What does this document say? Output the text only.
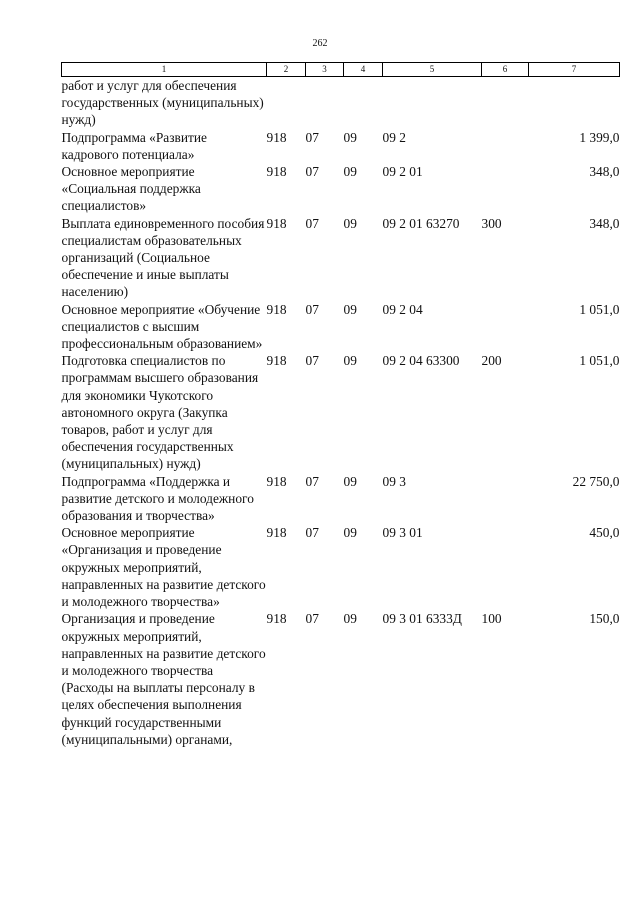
262
1	2	3	4	5	6	7
работ и услуг для обеспечения государственных (муниципальных) нужд)						
Подпрограмма «Развитие кадрового потенциала»	918	07	09	09 2		1 399,0
Основное мероприятие «Социальная поддержка специалистов»	918	07	09	09 2 01		348,0
Выплата единовременного пособия специалистам образовательных организаций (Социальное обеспечение и иные выплаты населению)	918	07	09	09 2 01 63270	300	348,0
Основное мероприятие «Обучение специалистов с высшим профессиональным образованием»	918	07	09	09 2 04		1 051,0
Подготовка специалистов по программам высшего образования для экономики Чукотского автономного округа (Закупка товаров, работ и услуг для обеспечения государственных (муниципальных) нужд)	918	07	09	09 2 04 63300	200	1 051,0
Подпрограмма «Поддержка и развитие детского и молодежного образования и творчества»	918	07	09	09 3		22 750,0
Основное мероприятие «Организация и проведение окружных мероприятий, направленных на развитие детского и молодежного творчества»	918	07	09	09 3 01		450,0
Организация и проведение окружных мероприятий, направленных на развитие детского и молодежного творчества (Расходы на выплаты персоналу в целях обеспечения выполнения функций государственными (муниципальными) органами,	918	07	09	09 3 01 6333Д	100	150,0
